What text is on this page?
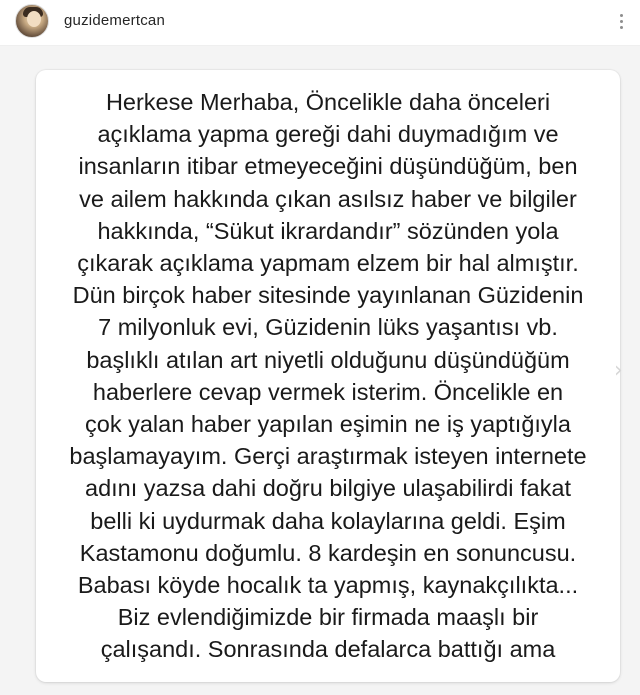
guzidemertcan

Herkese Merhaba, Öncelikle daha önceleri
açıklama yapma gereği dahi duymadığım ve
insanların itibar etmeyeceğini düşündüğüm, ben
ve ailem hakkında çıkan asılsız haber ve bilgiler
hakkında, “Sükut ikrardandır” sözünden yola
çıkarak açıklama yapmam elzem bir hal almıştır.
Dün birçok haber sitesinde yayınlanan Güzidenin
7 milyonluk evi, Güzidenin lüks yaşantısı vb.
başlıklı atılan art niyetli olduğunu düşündüğüm
haberlere cevap vermek isterim. Öncelikle en
çok yalan haber yapılan eşimin ne iş yaptığıyla
başlamayayım. Gerçi araştırmak isteyen internete
adını yazsa dahi doğru bilgiye ulaşabilirdi fakat
belli ki uydurmak daha kolaylarına geldi. Eşim
Kastamonu doğumlu. 8 kardeşin en sonuncusu.
Babası köyde hocalık ta yapmış, kaynakçılıkta...
Biz evlendiğimizde bir firmada maaşlı bir
çalışandı. Sonrasında defalarca battığı ama

›
